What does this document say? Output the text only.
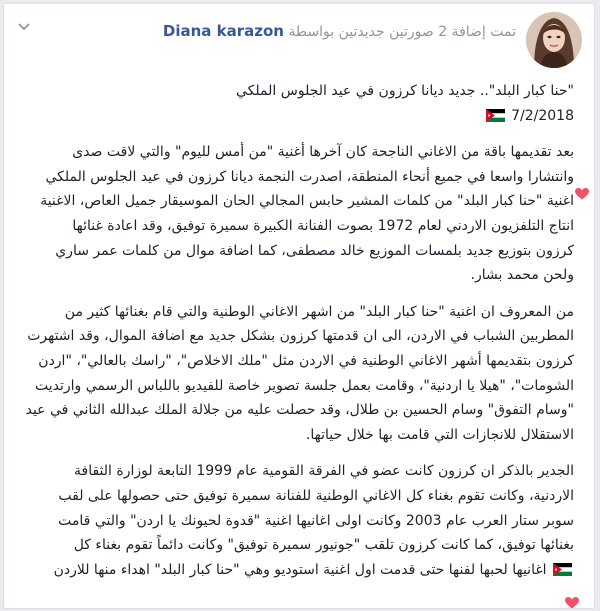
تمت إضافة 2 صورتين جديدتين بواسطة Diana karazon

"حنا كبار البلد".. جديد ديانا كرزون في عيد الجلوس الملكي
7/2/2018

بعد تقديمها باقة من الاغاني الناجحة كان آخرها أغنية "من أمس لليوم" والتي لاقت صدى
وانتشارا واسعا في جميع أنحاء المنطقة، اصدرت النجمة ديانا كرزون في عيد الجلوس الملكي
اغنية "حنا كبار البلد" من كلمات المشير حابس المجالي الحان الموسيقار جميل العاص، الاغنية
انتاج التلفزيون الاردني لعام 1972 بصوت الفنانة الكبيرة سميرة توفيق، وقد اعادة غنائها
كرزون بتوزيع جديد بلمسات الموزيع خالد مصطفى، كما اضافة موال من كلمات عمر ساري
ولحن محمد بشار.

من المعروف ان اغنية "حنا كبار البلد" من اشهر الاغاني الوطنية والتي قام بغنائها كثير من
المطربين الشباب في الاردن، الى ان قدمتها كرزون بشكل جديد مع اضافة الموال، وقد اشتهرت
كرزون بتقديمها أشهر الاغاني الوطنية في الاردن مثل "ملك الاخلاص"، "راسك بالعالي"، "اردن
الشومات"، "هيلا يا اردنية"، وقامت بعمل جلسة تصوير خاصة للفيديو باللباس الرسمي وارتديت
"وسام التفوق" وسام الحسين بن طلال، وقد حصلت عليه من جلالة الملك عبدالله الثاني في عيد
الاستقلال للانجازات التي قامت بها خلال حياتها.

الجدير بالذكر ان كرزون كانت عضو في الفرقة القومية عام 1999 التابعة لوزارة الثقافة
الاردنية، وكانت تقوم بغناء كل الاغاني الوطنية للفنانة سميرة توفيق حتى حصولها على لقب
سوبر ستار العرب عام 2003 وكانت اولى اغانيها اغنية "قدوة لحيونك يا اردن" والتي قامت
بغنائها توفيق، كما كانت كرزون تلقب "جونيور سميرة توفيق" وكانت دائماً تقوم بغناء كل
اغانيها لحبها لفنها حتى قدمت اول اغنية استوديو وهي "حنا كبار البلد" اهداء منها للاردن
